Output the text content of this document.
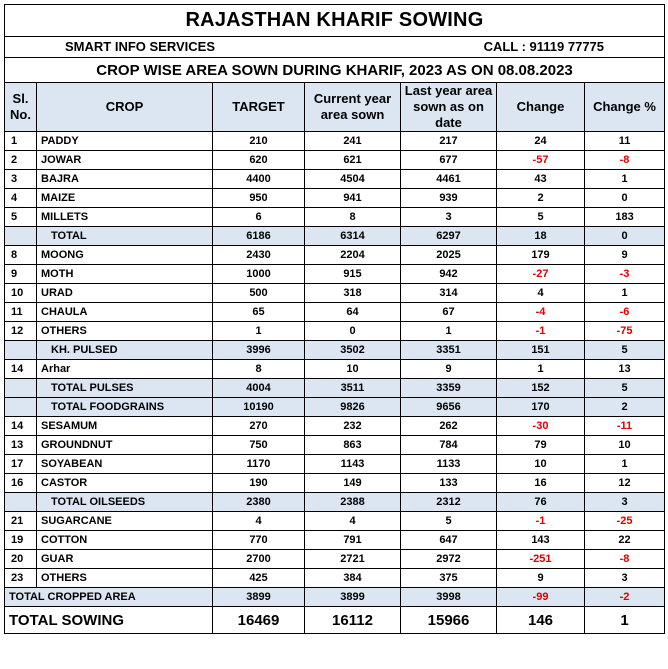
RAJASTHAN KHARIF SOWING						

SMART INFO SERVICES CALL : 91119 77775						

CROP WISE AREA SOWN DURING KHARIF, 2023 AS ON 08.08.2023						
Sl. No.	CROP	TARGET	Current year area sown	Last year area sown as on date	Change	Change %
1	PADDY	210	241	217	24	11
2	JOWAR	620	621	677	-57	-8
3	BAJRA	4400	4504	4461	43	1
4	MAIZE	950	941	939	2	0
5	MILLETS	6	8	3	5	183
	TOTAL	6186	6314	6297	18	0
8	MOONG	2430	2204	2025	179	9
9	MOTH	1000	915	942	-27	-3
10	URAD	500	318	314	4	1
11	CHAULA	65	64	67	-4	-6
12	OTHERS	1	0	1	-1	-75
	KH. PULSED	3996	3502	3351	151	5
14	Arhar	8	10	9	1	13
	TOTAL PULSES	4004	3511	3359	152	5
	TOTAL FOODGRAINS	10190	9826	9656	170	2
14	SESAMUM	270	232	262	-30	-11
13	GROUNDNUT	750	863	784	79	10
17	SOYABEAN	1170	1143	1133	10	1
16	CASTOR	190	149	133	16	12
	TOTAL OILSEEDS	2380	2388	2312	76	3
21	SUGARCANE	4	4	5	-1	-25
19	COTTON	770	791	647	143	22
20	GUAR	2700	2721	2972	-251	-8
23	OTHERS	425	384	375	9	3
TOTAL CROPPED AREA		3899	3899	3998	-99	-2
TOTAL SOWING		16469	16112	15966	146	1
